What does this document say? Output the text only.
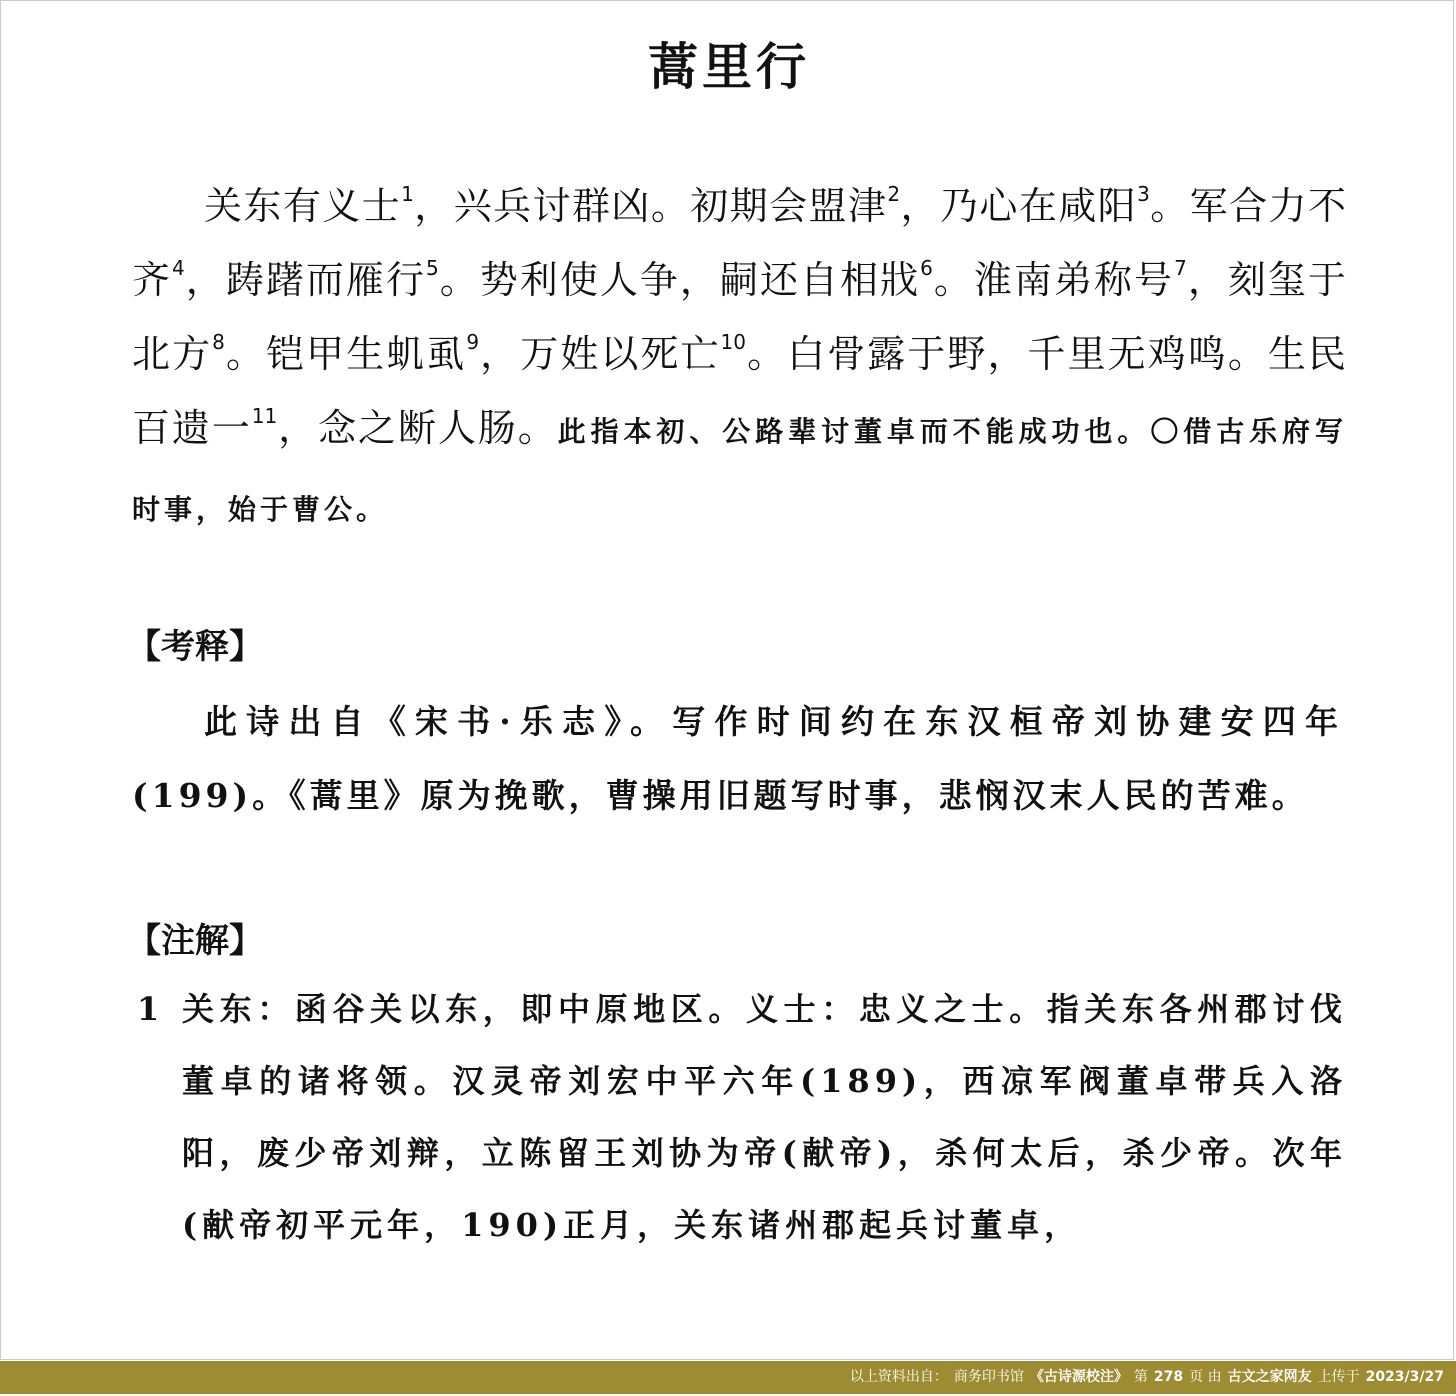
蒿里行
关东有义士$^1$，兴兵讨群凶。初期会盟津$^2$，乃心在咸阳$^3$。军合力不齐$^4$，踌躇而雁行$^5$。势利使人争，嗣还自相戕$^6$。淮南弟称号$^7$，刻玺于北方$^8$。铠甲生虮虱$^9$，万姓以死亡$^{10}$。白骨露于野，千里无鸡鸣。生民百遗一$^{11}$，念之断人肠。此指本初、公路辈讨董卓而不能成功也。〇借古乐府写时事，始于曹公。
【考释】
此诗出自《宋书·乐志》。写作时间约在东汉桓帝刘协建安四年(199)。《蒿里》原为挽歌，曹操用旧题写时事，悲悯汉末人民的苦难。
【注解】
1 关东：函谷关以东，即中原地区。义士：忠义之士。指关东各州郡讨伐董卓的诸将领。汉灵帝刘宏中平六年(189)，西凉军阀董卓带兵入洛阳，废少帝刘辩，立陈留王刘协为帝(献帝)，杀何太后，杀少帝。次年(献帝初平元年，190)正月，关东诸州郡起兵讨董卓，
以上资料出自： 商务印书馆 《古诗源校注》 第 278 页 由 古文之家网友 上传于 2023/3/27
